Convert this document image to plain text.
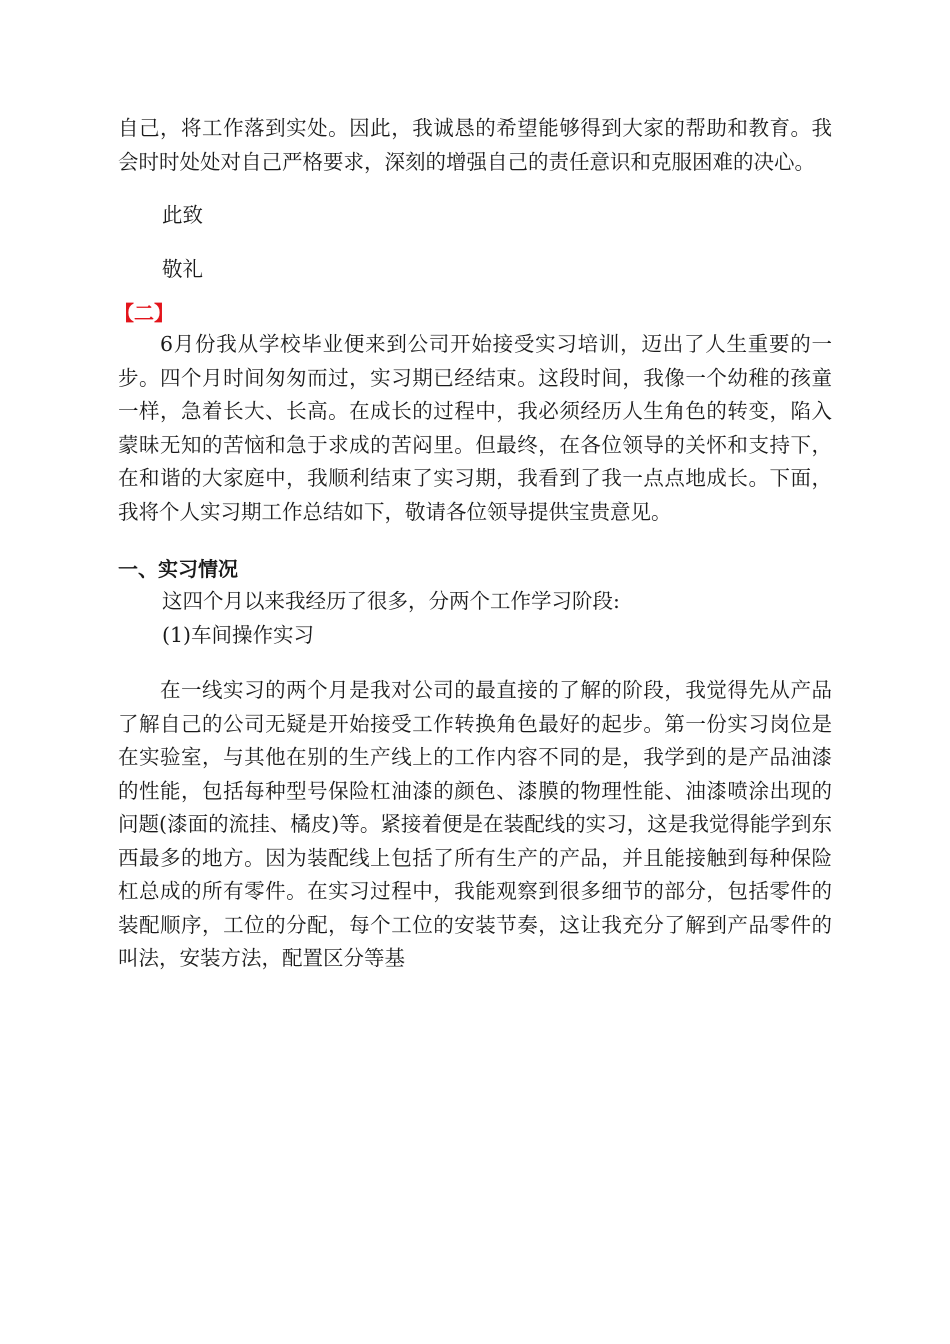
自己，将工作落到实处。因此，我诚恳的希望能够得到大家的帮助和教育。我会时时处处对自己严格要求，深刻的增强自己的责任意识和克服困难的决心。

此致

敬礼

【二】

6月份我从学校毕业便来到公司开始接受实习培训，迈出了人生重要的一步。四个月时间匆匆而过，实习期已经结束。这段时间，我像一个幼稚的孩童一样，急着长大、长高。在成长的过程中，我必须经历人生角色的转变，陷入蒙昧无知的苦恼和急于求成的苦闷里。但最终，在各位领导的关怀和支持下，在和谐的大家庭中，我顺利结束了实习期，我看到了我一点点地成长。下面，我将个人实习期工作总结如下，敬请各位领导提供宝贵意见。

一、实习情况

这四个月以来我经历了很多，分两个工作学习阶段:

(1)车间操作实习

在一线实习的两个月是我对公司的最直接的了解的阶段，我觉得先从产品了解自己的公司无疑是开始接受工作转换角色最好的起步。第一份实习岗位是在实验室，与其他在别的生产线上的工作内容不同的是，我学到的是产品油漆的性能，包括每种型号保险杠油漆的颜色、漆膜的物理性能、油漆喷涂出现的问题(漆面的流挂、橘皮)等。紧接着便是在装配线的实习，这是我觉得能学到东西最多的地方。因为装配线上包括了所有生产的产品，并且能接触到每种保险杠总成的所有零件。在实习过程中，我能观察到很多细节的部分，包括零件的装配顺序，工位的分配，每个工位的安装节奏，这让我充分了解到产品零件的叫法，安装方法，配置区分等基
